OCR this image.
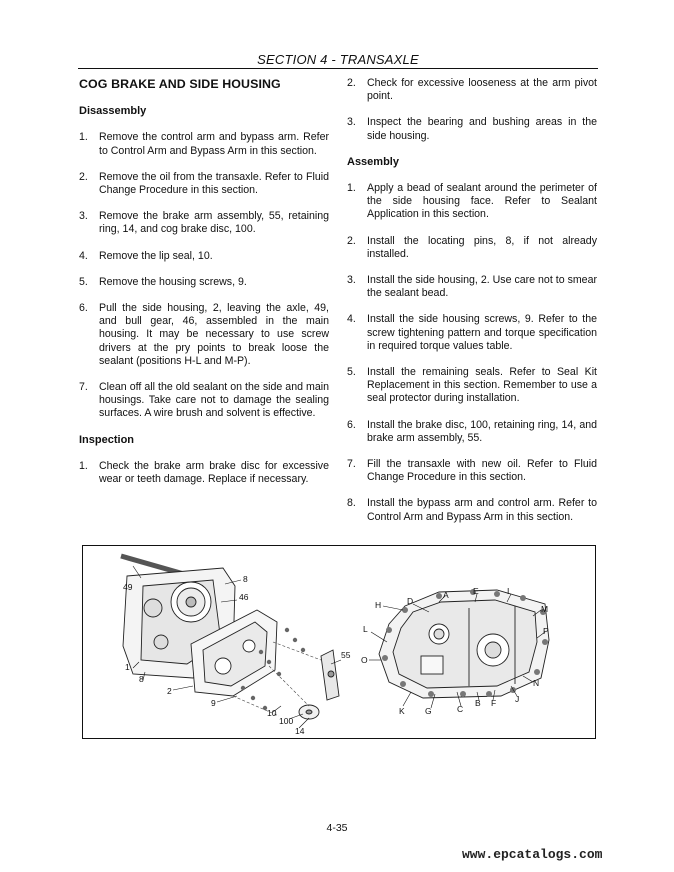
SECTION 4 - TRANSAXLE
COG BRAKE AND SIDE HOUSING
Disassembly
1.	Remove the control arm and bypass arm. Refer to Control Arm and Bypass Arm in this section.
2.	Remove the oil from the transaxle. Refer to Fluid Change Procedure in this section.
3.	Remove the brake arm assembly, 55, retaining ring, 14, and cog brake disc, 100.
4.	Remove the lip seal, 10.
5.	Remove the housing screws, 9.
6.	Pull the side housing, 2, leaving the axle, 49, and bull gear, 46, assembled in the main housing. It may be necessary to use screw drivers at the pry points to break loose the sealant (positions H-L and M-P).
7.	Clean off all the old sealant on the side and main housings. Take care not to damage the sealing surfaces. A wire brush and solvent is effective.
Inspection
1.	Check the brake arm brake disc for excessive wear or teeth damage. Replace if necessary.
2.	Check for excessive looseness at the arm pivot point.
3.	Inspect the bearing and bushing areas in the side housing.
Assembly
1.	Apply a bead of sealant around the perimeter of the side housing face. Refer to Sealant Application in this section.
2.	Install the locating pins, 8, if not already installed.
3.	Install the side housing, 2. Use care not to smear the sealant bead.
4.	Install the side housing screws, 9. Refer to the screw tightening pattern and torque specification in required torque values table.
5.	Install the remaining seals. Refer to Seal Kit Replacement in this section. Remember to use a seal protector during installation.
6.	Install the brake disc, 100, retaining ring, 14, and brake arm assembly, 55.
7.	Fill the transaxle with new oil. Refer to Fluid Change Procedure in this section.
8.	Install the bypass arm and control arm. Refer to Control Arm and Bypass Arm in this section.
49
8
46
55
1
8
2
9
10
100
14
H	D
A	E	I
M
L	P
O
K G	C
B F J
N
4-35
www.epcatalogs.com
